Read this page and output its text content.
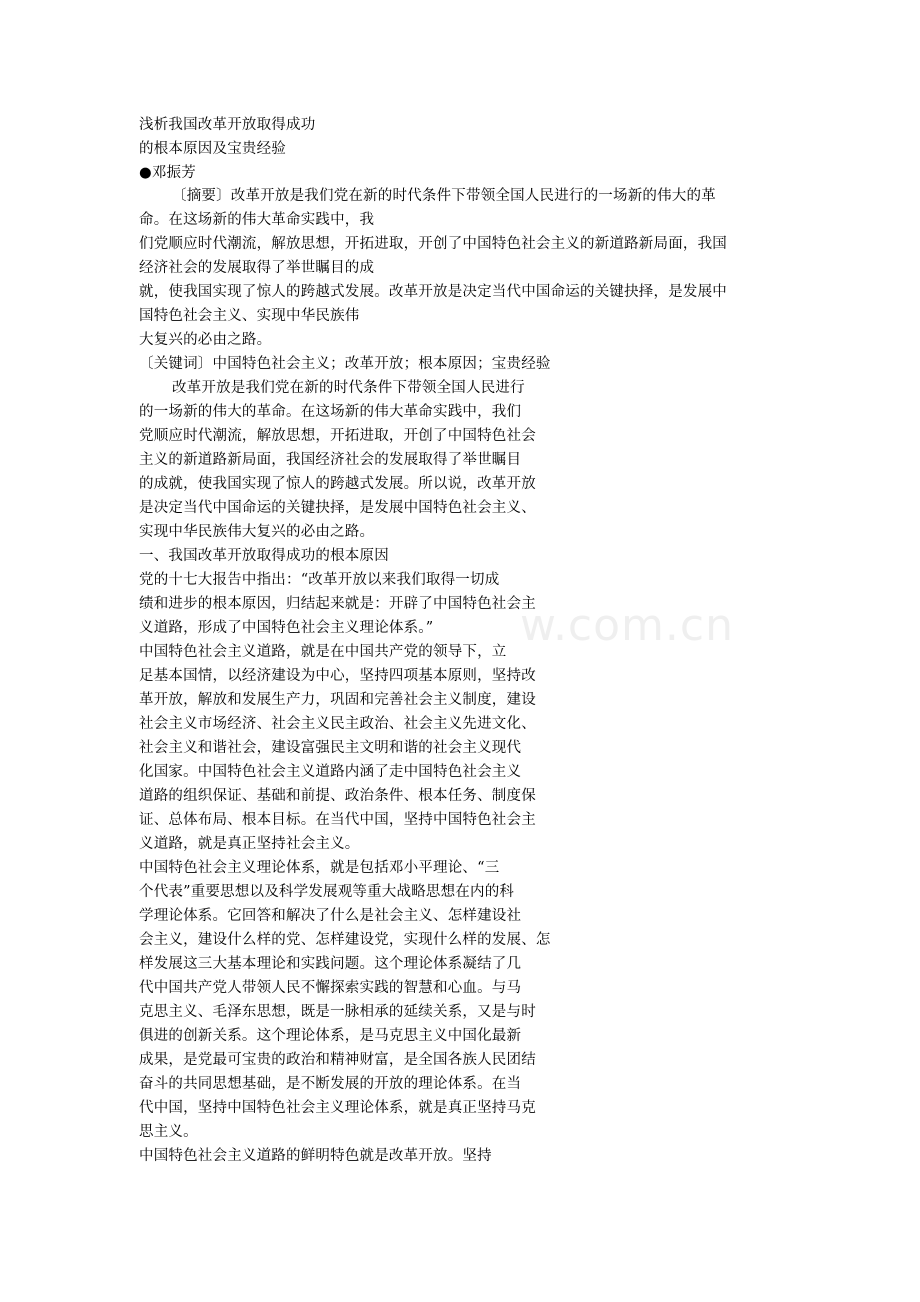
w.com.cn
浅析我国改革开放取得成功
的根本原因及宝贵经验
●邓振芳
〔摘要〕改革开放是我们党在新的时代条件下带领全国人民进行的一场新的伟大的革
命。在这场新的伟大革命实践中，我
们党顺应时代潮流，解放思想，开拓进取，开创了中国特色社会主义的新道路新局面，我国
经济社会的发展取得了举世瞩目的成
就，使我国实现了惊人的跨越式发展。改革开放是决定当代中国命运的关键抉择，是发展中
国特色社会主义、实现中华民族伟
大复兴的必由之路。
〔关键词〕中国特色社会主义；改革开放；根本原因；宝贵经验
改革开放是我们党在新的时代条件下带领全国人民进行
的一场新的伟大的革命。在这场新的伟大革命实践中，我们
党顺应时代潮流，解放思想，开拓进取，开创了中国特色社会
主义的新道路新局面，我国经济社会的发展取得了举世瞩目
的成就，使我国实现了惊人的跨越式发展。所以说，改革开放
是决定当代中国命运的关键抉择，是发展中国特色社会主义、
实现中华民族伟大复兴的必由之路。
一、我国改革开放取得成功的根本原因
党的十七大报告中指出：“改革开放以来我们取得一切成
绩和进步的根本原因，归结起来就是：开辟了中国特色社会主
义道路，形成了中国特色社会主义理论体系。”
中国特色社会主义道路，就是在中国共产党的领导下，立
足基本国情，以经济建设为中心，坚持四项基本原则，坚持改
革开放，解放和发展生产力，巩固和完善社会主义制度，建设
社会主义市场经济、社会主义民主政治、社会主义先进文化、
社会主义和谐社会，建设富强民主文明和谐的社会主义现代
化国家。中国特色社会主义道路内涵了走中国特色社会主义
道路的组织保证、基础和前提、政治条件、根本任务、制度保
证、总体布局、根本目标。在当代中国，坚持中国特色社会主
义道路，就是真正坚持社会主义。
中国特色社会主义理论体系，就是包括邓小平理论、“三
个代表”重要思想以及科学发展观等重大战略思想在内的科
学理论体系。它回答和解决了什么是社会主义、怎样建设社
会主义，建设什么样的党、怎样建设党，实现什么样的发展、怎
样发展这三大基本理论和实践问题。这个理论体系凝结了几
代中国共产党人带领人民不懈探索实践的智慧和心血。与马
克思主义、毛泽东思想，既是一脉相承的延续关系，又是与时
俱进的创新关系。这个理论体系，是马克思主义中国化最新
成果，是党最可宝贵的政治和精神财富，是全国各族人民团结
奋斗的共同思想基础，是不断发展的开放的理论体系。在当
代中国，坚持中国特色社会主义理论体系，就是真正坚持马克
思主义。
中国特色社会主义道路的鲜明特色就是改革开放。坚持
